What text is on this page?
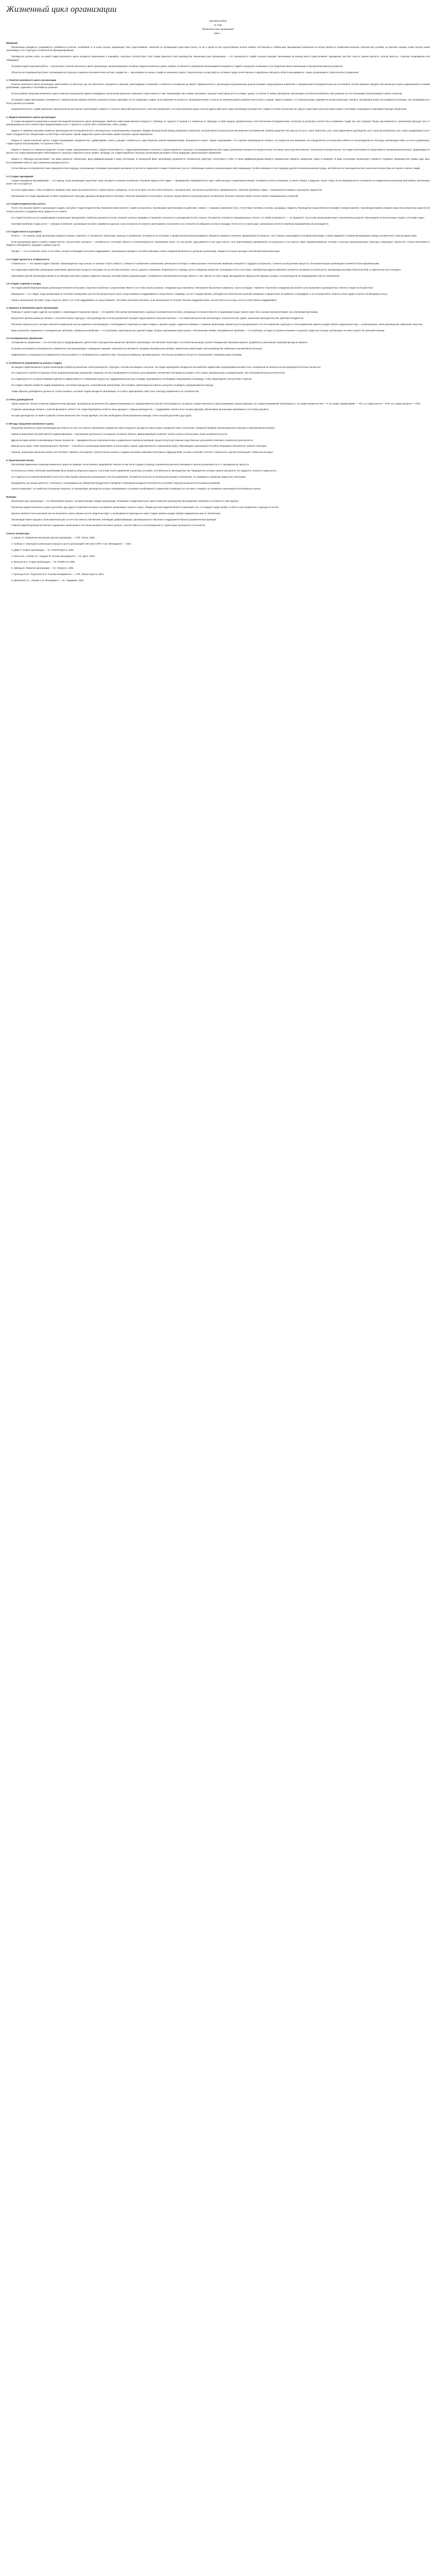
Жизненный цикл организации
Курсовая работа
по теме
"Жизненный цикл организации"
Киев —
Введение

Организации рождаются, развиваются, добиваются успехов, ослабевают и, в конце концов, прекращают свое существование. Немногие из организаций существуют вечно, но ни у одной из них существование нельзя назвать постоянным и стабильным. Вызываемые изменения не всегда являются отражением внешних событий или условий, их причины нередко лежат внутри самой организации, в ее структуре и особенностях функционирования.

Руководство должно знать, на какой стадии жизненного цикла находится организация, и оценивать, насколько соответствует этой стадии принятый стиль руководства. Жизненный цикл организации — это совокупность стадий, которые проходит организация за период своего существования: зарождение, детство, юность, ранняя зрелость, полная зрелость, старение, возрождение или ликвидация.

Основная задача курсовой работы — рассмотреть понятие жизненного цикла организации, проанализировать основные модели жизненного цикла, выявить особенности управления организацией на каждой из стадий и определить возможные пути продления жизни организации и преодоления кризисов развития.

Объектом исследования выступает организация как открытая социально-экономическая система, предметом — закономерности смены стадий ее жизненного цикла. Теоретическую основу работы составили труды отечественных и зарубежных авторов в области менеджмента, теории организации и стратегического управления.

1. Понятие жизненного цикла организации

Понятие жизненного цикла организации заимствовано из биологии, где оно обозначает совокупность явлений, происходящих в организме с момента его рождения до смерти. Применительно к организации под жизненным циклом понимают предсказуемые изменения с определенной последовательностью состояний в течение времени. Каждый этап жизненного цикла характеризуется своими проблемами, задачами и способами их решения.

Использование концепции жизненного цикла позволяет руководству заранее предвидеть наступление кризисных периодов и подготовиться к ним. Организации, как и живые организмы, проходят через фазы роста и упадка, однако, в отличие от живых организмов, организация способна возобновлять свое развитие за счет инноваций, реорганизации и смены стратегии.

На каждой стадии организация сталкивается с определенным набором проблем, решение которых переводит ее на следующую стадию. Если проблема не решается, организация может остаться на прежнем уровне развития или вступить в кризис. Важно понимать, что переход между стадиями не всегда происходит линейно: организация может как продвигаться вперед, так и возвращаться к более ранним состояниям.

Продолжительность стадий жизненного цикла различна для разных организаций и зависит от отрасли, масштаба деятельности, качества управления, состояния внешней среды и многих других факторов. Одни организации проходят все стадии в течение нескольких лет, другие существуют десятилетиями и даже столетиями, неоднократно переживая периоды обновления.

2. Модели жизненного цикла организации

В теории менеджмента предложено множество моделей жизненного цикла организации. Наиболее известными являются модели Л. Грейнера, И. Адизеса, Р. Куинна и К. Камерона, Б. Ливехуда, а также модели, разработанные отечественными исследователями. Несмотря на различия в количестве и названиях стадий, все они отражают общую закономерность: организация проходит путь от предпринимательского начала через формализацию и рост к зрелости, а затем либо к обновлению, либо к упадку.

Модель Л. Грейнера описывает развитие организации как последовательность эволюционных и революционных периодов. Каждый эволюционный период завершается кризисом, который является результатом накопившихся противоречий. Грейнер выделяет пять фаз роста: рост через творчество, рост через директивное руководство, рост через делегирование, рост через координацию и рост через сотрудничество. Каждой фазе соответствует свой кризис: кризис лидерства, кризис автономии, кризис контроля, кризис бюрократии.

Модель И. Адизеса включает десять стадий: выхаживание, младенчество, «давай-давай», юность, расцвет, стабильность, аристократизм, ранняя бюрократизация, бюрократия и смерть. Адизес подчеркивает, что старение организации не связано с ее возрастом или размером; оно определяется соотношением гибкости и контролируемости. Молодые организации гибки, но плохо управляемы; старые хорошо контролируемы, но утратили гибкость.

Модель Р. Куинна и К. Камерона выделяет четыре стадии: предпринимательскую, стадию коллективности, стадию формализации и контроля, стадию выработки структуры. На предпринимательской стадии организация находится в младенческом состоянии, цели еще расплывчаты, творческий потенциал высок. На стадии коллективности продолжается инновационный процесс, формулируется миссия. На стадии формализации стабилизируется структура, выделяется роль правил, процедур. На стадии выработки структуры организация расширяет спектр продукции, децентрализует управление.

Модель Б. Ливехуда рассматривает три фазы развития: пионерскую, фазу дифференциации и фазу интеграции. В пионерской фазе организация управляется основателем, действует интуитивно и гибко. В фазе дифференциации вводятся формальные правила, разделение труда и иерархия. В фазе интеграции организация стремится соединить преимущества первых двух фаз, восстанавливая гибкость при сохранении упорядоченности.

Отечественные исследователи также предлагали свои подходы, учитывающие специфику переходной экономики. В частности, выделяются стадии становления, роста, стабилизации, кризиса и реорганизации либо ликвидации. Особое внимание в этих подходах уделяется влиянию внешней среды, нестабильности законодательства и рыночной конъюнктуры на скорость смены стадий.

2.1 Стадия зарождения

Стадия зарождения (выхаживания) — это период, когда организация существует лишь как идея в сознании основателя. Основная задача этой стадии — сформировать приверженность идее, найти ресурсы и единомышленников. Основатель полон энтузиазма, он много говорит о будущем, строит планы. Если приверженность основателя не подкреплена реальными действиями, организация может так и не родиться.

На этой стадии важно, чтобы основатель проверил свою идею на реалистичность, оценил риски и определил, готов ли он брать на себя ответственность. Чем выше риск, тем сильнее должна быть приверженность. Типичная проблема стадии — чрезмерный оптимизм и недооценка трудностей.

Организация на стадии зарождения не имеет формальной структуры, функции распределяются спонтанно. Решения принимаются интуитивно, контроль осуществляется непосредственно основателем. Большое значение имеют личные связи и неформальные отношения.

2.2 Стадия младенчества и роста

После того как риск принят и организация создана, наступает стадия младенчества. Внимание переключается с идей на результаты. Организация ориентирована на действие, главное — продажи и денежный поток. Отсутствуют политики, системы, процедуры, бюджеты. Руководство осуществляется в режиме «пожаротушения». Организация крайне уязвима: недостаток оборотных средств или потеря ключевого сотрудника могут привести к ее гибели.

На стадии быстрого роста («давай-давай») организация преодолевает проблемы денежного потока, начинает успешно продавать и проявляет склонность к расширению во все стороны. Основатель становится самоуверенным, считает, что любая возможность — это приоритет. Отсутствие фокусировки ведет к распылению ресурсов. Организация построена вокруг людей, а не вокруг задач.

Ключевая проблема стадии роста — ловушка основателя: организация не может развиваться дальше, пока основатель не научится делегировать полномочия и не согласится на введение систем и процедур. Если этого не происходит, организация остается семейным предприятием или распадается.

2.3 Стадия юности и расцвета

Юность — это период, когда организация рождается заново, отделяясь от основателя. Происходит переход от управления, основанного на интуиции, к профессиональному менеджменту. Вводятся правила и политики, формализуются процессы. Этот период сопровождается конфликтами между «старой гвардией» и новыми менеджерами, между основателем и советом директоров.

Если организации удается пройти стадию юности, она достигает расцвета — оптимального сочетания гибкости и контролируемости. Организация знает, что она делает, куда движется и как туда попасть. Она ориентирована одновременно на результаты и на клиента, имеет формализованные системы и прочную организационную структуру, стимулирует творчество. Планы выполняются, бюджеты соблюдаются, продажи и прибыль растут.

Расцвет — это не конечная точка, а состояние, которое необходимо постоянно поддерживать. Организация в расцвете способна порождать новые направления бизнеса и дочерние организации, каждая из которых проходит собственный жизненный цикл.

2.4 Стадия зрелости и стабильности

Стабильность — это первая стадия старения. Организация все еще сильна, но начинает терять гибкость. Снижается стремление к изменениям, уменьшается интерес к новым рынкам и технологиям. Внимание смещается с будущего на прошлое, с клиента на внутренние процессы. Отношения внутри организации становятся более формальными.

На стадии аристократизма организация накапливает финансовые ресурсы и расходует их на системы контроля, льготы, дорогие помещения. Формальность в одежде, речи и поведении возрастает. Инновации почти отсутствуют, приобретения других компаний становятся основным способом роста. Организация выглядит благополучной, но фактически она стагнирует.

Признаками зрелой организации являются устойчивая рыночная позиция, развитая структура, высокий уровень формализации, сложившаяся корпоративная культура. Вместе с тем, именно на этой стадии закладываются предпосылки будущего упадка, если руководство не предпринимает мер по обновлению.

2.5 Стадия старения и упадка

На стадии ранней бюрократизации организация начинает испытывать серьезные проблемы с результатами. Вместо того чтобы искать решение, сотрудники ищут виноватых. Начинаются внутренние конфликты, «охота на ведьм». Наиболее творческие сотрудники увольняются или увольняются руководством. Клиенты отходят на второй план.

Бюрократия — это стадия, когда организация не способна генерировать достаточно ресурсов для своего существования и поддерживается искусственно, например, за счет государственных субсидий или политических решений. Внимание сосредоточено на правилах и процедурах, а не на результатах. Клиенту очень трудно получить необходимую услугу.

Смерть организации наступает тогда, когда нет никого, кто готов поддерживать ее существование. Это может произойти внезапно, если организация не получает больше поддержки извне, или растянуться на годы, если ее искусственно поддерживают.

3. Кризисы в жизненном цикле организации

Переход от одной стадии к другой, как правило, сопровождается кризисом. Кризис — это крайнее обострение противоречий в социально-экономической системе, угрожающее ее жизнестойкости в окружающей среде. Кризис может быть вызван как внутренними, так и внешними причинами.

Внутренние причины кризисов связаны с несоответствием структуры, стиля руководства и систем управления текущей стадии развития. Внешние причины — это изменения рыночной конъюнктуры, технологические сдвиги, изменения законодательства, действия конкурентов.

Различают кризисы роста, которые являются нормальной частью развития и сигнализируют о необходимости перехода на новую стадию, и кризисы упадка, свидетельствующие о старении организации. Кризисы роста преодолеваются за счет изменения структуры и стиля управления; кризисы упадка требуют радикальных мер — реорганизации, смены руководства, изменения стратегии.

Важно различать нормальные и ненормальные проблемы. Нормальные проблемы — это проблемы, характерные для данной стадии, которые организация может решить собственными силами. Ненормальные проблемы — это проблемы, которые не должны возникать на данной стадии или которые организация не может решить без внешней помощи.

3.1 Антикризисное управление

Антикризисное управление — это система мер по предупреждению, диагностике и преодолению кризисных явлений в организации. Оно включает мониторинг состояния организации, раннее обнаружение признаков кризиса, разработку и реализацию программ выхода из кризиса.

Основные инструменты антикризисного управления: реструктуризация, сокращение издержек, пересмотр ассортимента, продажа непрофильных активов, привлечение инвестиций, смена руководства, изменение корпоративной культуры.

Эффективность антикризисного управления во многом зависит от своевременности принятых мер. Чем раньше выявлены признаки кризиса, тем больше возможностей для его преодоления с минимальными потерями.

4. Особенности управления на разных стадиях

На каждой стадии жизненного цикла организации требуются различные стили руководства, структуры, системы мотивации и контроля. На стадии зарождения и младенчества наиболее эффективен предпринимательский стиль, основанный на личном участии руководителя во всех процессах.

На стадии роста требуется переход к более формализованному управлению, введение систем планирования и контроля, делегирование полномочий. Руководитель должен стать скорее организатором и координатором, чем непосредственным исполнителем.

На стадии зрелости основное внимание уделяется эффективности, оптимизации процессов, поддержанию рыночных позиций. Одновременно необходимо стимулировать инновации, чтобы предотвратить наступление старения.

На стадии старения требуется лидер-реформатор, способный преодолеть сопротивление изменениям, восстановить ориентацию на клиента и результат, возродить предпринимательский дух.

Таким образом, руководитель должен не только понимать, на какой стадии находится организация, но и уметь адаптировать свой стиль и методы управления к ее потребностям.

4.1 Роль руководителя

Адизес выделяет четыре основные управленческие функции: производство результатов (P), администрирование (A), предпринимательство (E) и интеграцию (I). На разных стадиях жизненного цикла доминируют разные функции. На стадии выхаживания преобладает E, на стадии младенчества — P, на стадии «давай-давай» — PE, на стадии юности — PAE, на стадии расцвета — PAEI.

Старение организации связано с утратой функции E, затем P. На стадии бюрократии остается лишь функция A. Задача руководителя — поддерживать баланс всех четырех функций, обеспечивая организации пребывание в состоянии расцвета.

Ни один руководитель не может в равной степени выполнять все четыре функции, поэтому необходима сбалансированная команда, члены которой дополняют друг друга.

5. Методы продления жизненного цикла

Продление жизненного цикла организации достигается за счет постоянного обновления: разработки новых продуктов, выхода на новые рынки, внедрения новых технологий, совершенствования организационной структуры и корпоративной культуры.

Одним из важнейших методов является диверсификация — расширение деятельности за пределы основного бизнеса. Диверсификация позволяет снизить риски и использовать новые возможности роста.

Другим методом является реинжиниринг бизнес-процессов — фундаментальное переосмысление и радикальное перепроектирование процессов для достижения существенных улучшений в ключевых показателях деятельности.

Важную роль играет также организационное обучение — способность организации накапливать и использовать знания, адаптироваться к изменениям среды. Обучающаяся организация способна непрерывно обновляться, избегая стагнации.

Наконец, продлению жизненного цикла способствуют слияния и поглощения, стратегические альянсы, создание дочерних компаний и венчурных подразделений, которые позволяют сочетать стабильность зрелой организации с гибкостью молодых.

6. Практический анализ

Рассмотрим применение концепции жизненного цикла на примере отечественных предприятий. Многие из них были созданы в период становления рыночной экономики и прошли ускоренный путь от зарождения до зрелости.

На начальных этапах типичными проблемами были нехватка оборотных средств, отсутствие опыта управления в рыночных условиях, нестабильность законодательства. Предприятия, которые сумели преодолеть эти трудности, вошли в стадию роста.

На стадии роста основной проблемой стало отсутствие профессиональных менеджеров и систем управления. Основатели зачастую не желали делегировать полномочия, что приводило к кризисам лидерства и автономии.

Предприятия, достигшие зрелости, столкнулись с необходимостью обновления продуктового портфеля и повышения конкурентоспособности в условиях открытия рынка для иностранных компаний.

Анализ показывает, что наиболее успешными оказались те организации, руководство которых своевременно осознавало необходимость изменений и проводило их системно, опираясь на понимание закономерностей жизненного цикла.

Выводы

Жизненный цикл организации — это объективный процесс, который проходит каждая организация. Понимание стадий жизненного цикла позволяет руководству прогнозировать проблемы и готовиться к ним заранее.

Различные модели жизненного цикла дополняют друг друга и позволяют взглянуть на развитие организации с разных сторон. Общим для всех моделей является признание того, что каждая стадия требует особого стиля управления, структуры и систем.

Кризисы являются неотъемлемой частью жизненного цикла. Кризисы роста свидетельствуют о необходимости перехода на новую стадию; кризисы упадка требуют радикальных мер по обновлению.

Организация может продлить свой жизненный цикл за счет постоянного обновления, инноваций, диверсификации, организационного обучения и поддержания баланса управленческих функций.

Главной задачей руководства является удержание организации в состоянии расцвета как можно дольше, сочетая гибкость и контролируемость, ориентацию на результат и на клиента.

Список литературы

1. Адизес И. Управление жизненным циклом корпорации. — СПб.: Питер, 2008.

2. Грейнер Л. Эволюция и революция в процессе роста организаций // Вестник СПбГУ. Сер. Менеджмент. — 2002.

3. Дафт Р. Теория организации. — М.: ЮНИТИ-ДАНА, 2006.

4. Мескон М., Альберт М., Хедоури Ф. Основы менеджмента. — М.: Дело, 2000.

5. Мильнер Б.З. Теория организации. — М.: ИНФРА-М, 2005.

6. Ливехуд Б. Развитие организации. — М.: Прогресс, 1995.

7. Кузнецов Ю.В., Подлесных В.И. Основы менеджмента. — СПб.: Бизнес-пресса, 2001.

8. Виханский О.С., Наумов А.И. Менеджмент. — М.: Гардарики, 2003.
